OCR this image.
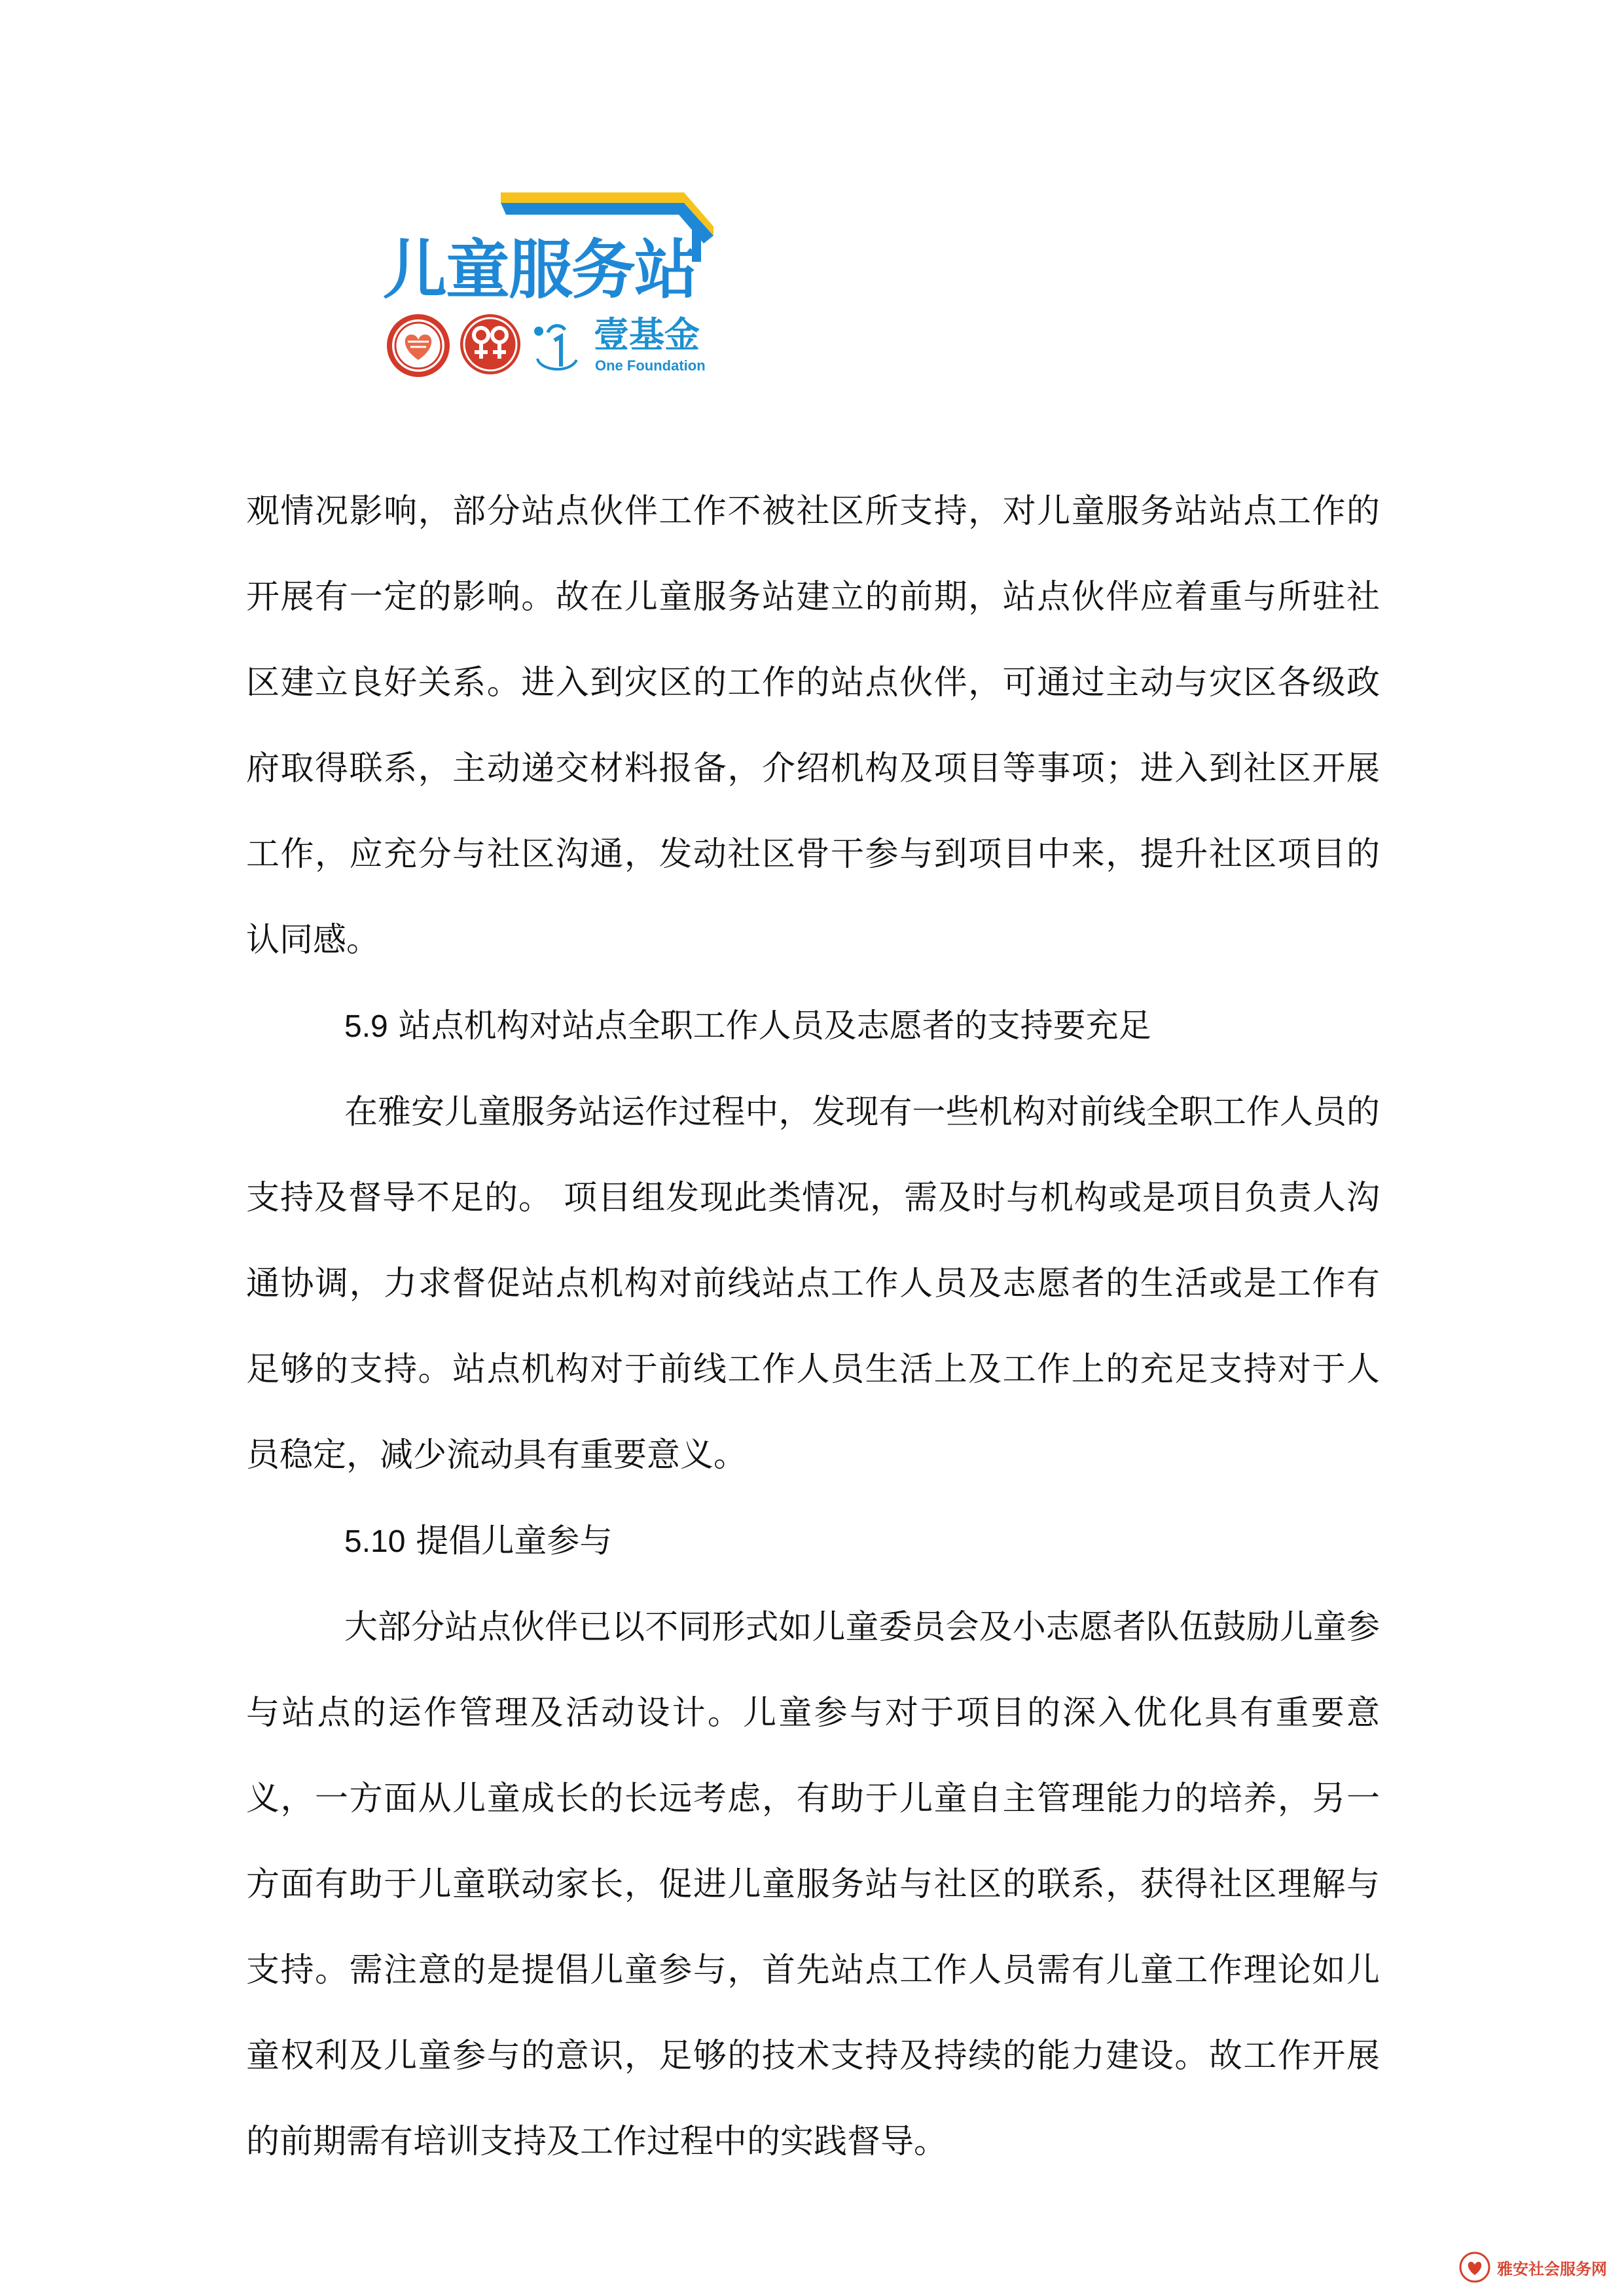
儿童服务站
壹基金
One Foundation

观情况影响，部分站点伙伴工作不被社区所支持，对儿童服务站站点工作的开展有一定的影响。故在儿童服务站建立的前期，站点伙伴应着重与所驻社区建立良好关系。进入到灾区的工作的站点伙伴，可通过主动与灾区各级政府取得联系，主动递交材料报备，介绍机构及项目等事项；进入到社区开展工作，应充分与社区沟通，发动社区骨干参与到项目中来，提升社区项目的认同感。

5.9 站点机构对站点全职工作人员及志愿者的支持要充足

在雅安儿童服务站运作过程中，发现有一些机构对前线全职工作人员的支持及督导不足的。 项目组发现此类情况，需及时与机构或是项目负责人沟通协调，力求督促站点机构对前线站点工作人员及志愿者的生活或是工作有足够的支持。站点机构对于前线工作人员生活上及工作上的充足支持对于人员稳定，减少流动具有重要意义。

5.10 提倡儿童参与

大部分站点伙伴已以不同形式如儿童委员会及小志愿者队伍鼓励儿童参与站点的运作管理及活动设计。儿童参与对于项目的深入优化具有重要意义，一方面从儿童成长的长远考虑，有助于儿童自主管理能力的培养，另一方面有助于儿童联动家长，促进儿童服务站与社区的联系，获得社区理解与支持。需注意的是提倡儿童参与，首先站点工作人员需有儿童工作理论如儿童权利及儿童参与的意识，足够的技术支持及持续的能力建设。故工作开展的前期需有培训支持及工作过程中的实践督导。

雅安社会服务网
